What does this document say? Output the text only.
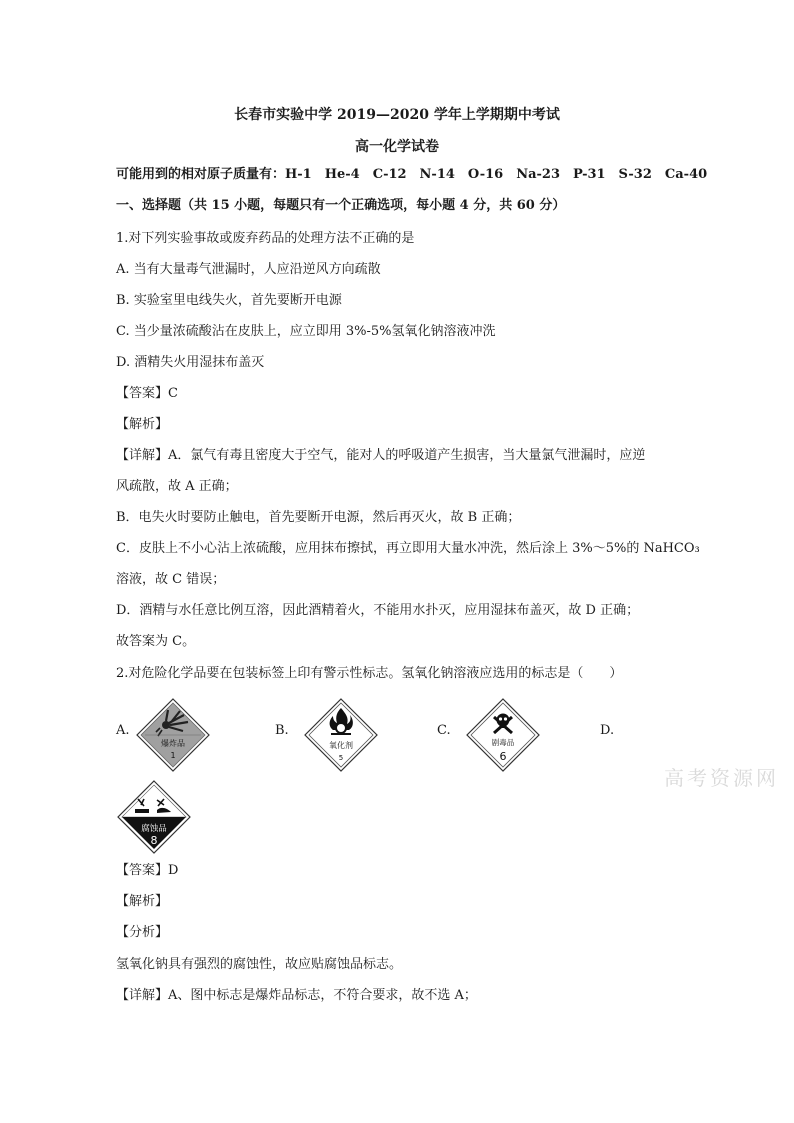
长春市实验中学 2019—2020 学年上学期期中考试
高一化学试卷
可能用到的相对原子质量有：H-1　He-4　C-12　N-14　O-16　Na-23　P-31　S-32　Ca-40
一、选择题（共 15 小题，每题只有一个正确选项，每小题 4 分，共 60 分）
1.对下列实验事故或废弃药品的处理方法不正确的是
A. 当有大量毒气泄漏时，人应沿逆风方向疏散
B. 实验室里电线失火，首先要断开电源
C. 当少量浓硫酸沾在皮肤上，应立即用 3%-5%氢氧化钠溶液冲洗
D. 酒精失火用湿抹布盖灭
【答案】C
【解析】
【详解】A．氯气有毒且密度大于空气，能对人的呼吸道产生损害，当大量氯气泄漏时，应逆
风疏散，故 A 正确；
B．电失火时要防止触电，首先要断开电源，然后再灭火，故 B 正确；
C．皮肤上不小心沾上浓硫酸，应用抹布擦拭，再立即用大量水冲洗，然后涂上 3%～5%的 NaHCO₃
溶液，故 C 错误；
D．酒精与水任意比例互溶，因此酒精着火，不能用水扑灭，应用湿抹布盖灭，故 D 正确；
故答案为 C。
2.对危险化学品要在包装标签上印有警示性标志。氢氧化钠溶液应选用的标志是（　　）
A.	B.	C.	D.
爆炸品
1
氧化剂
5
剧毒品
6
腐蚀品
8
高考资源网
【答案】D
【解析】
【分析】
氢氧化钠具有强烈的腐蚀性，故应贴腐蚀品标志。
【详解】A、图中标志是爆炸品标志，不符合要求，故不选 A；
